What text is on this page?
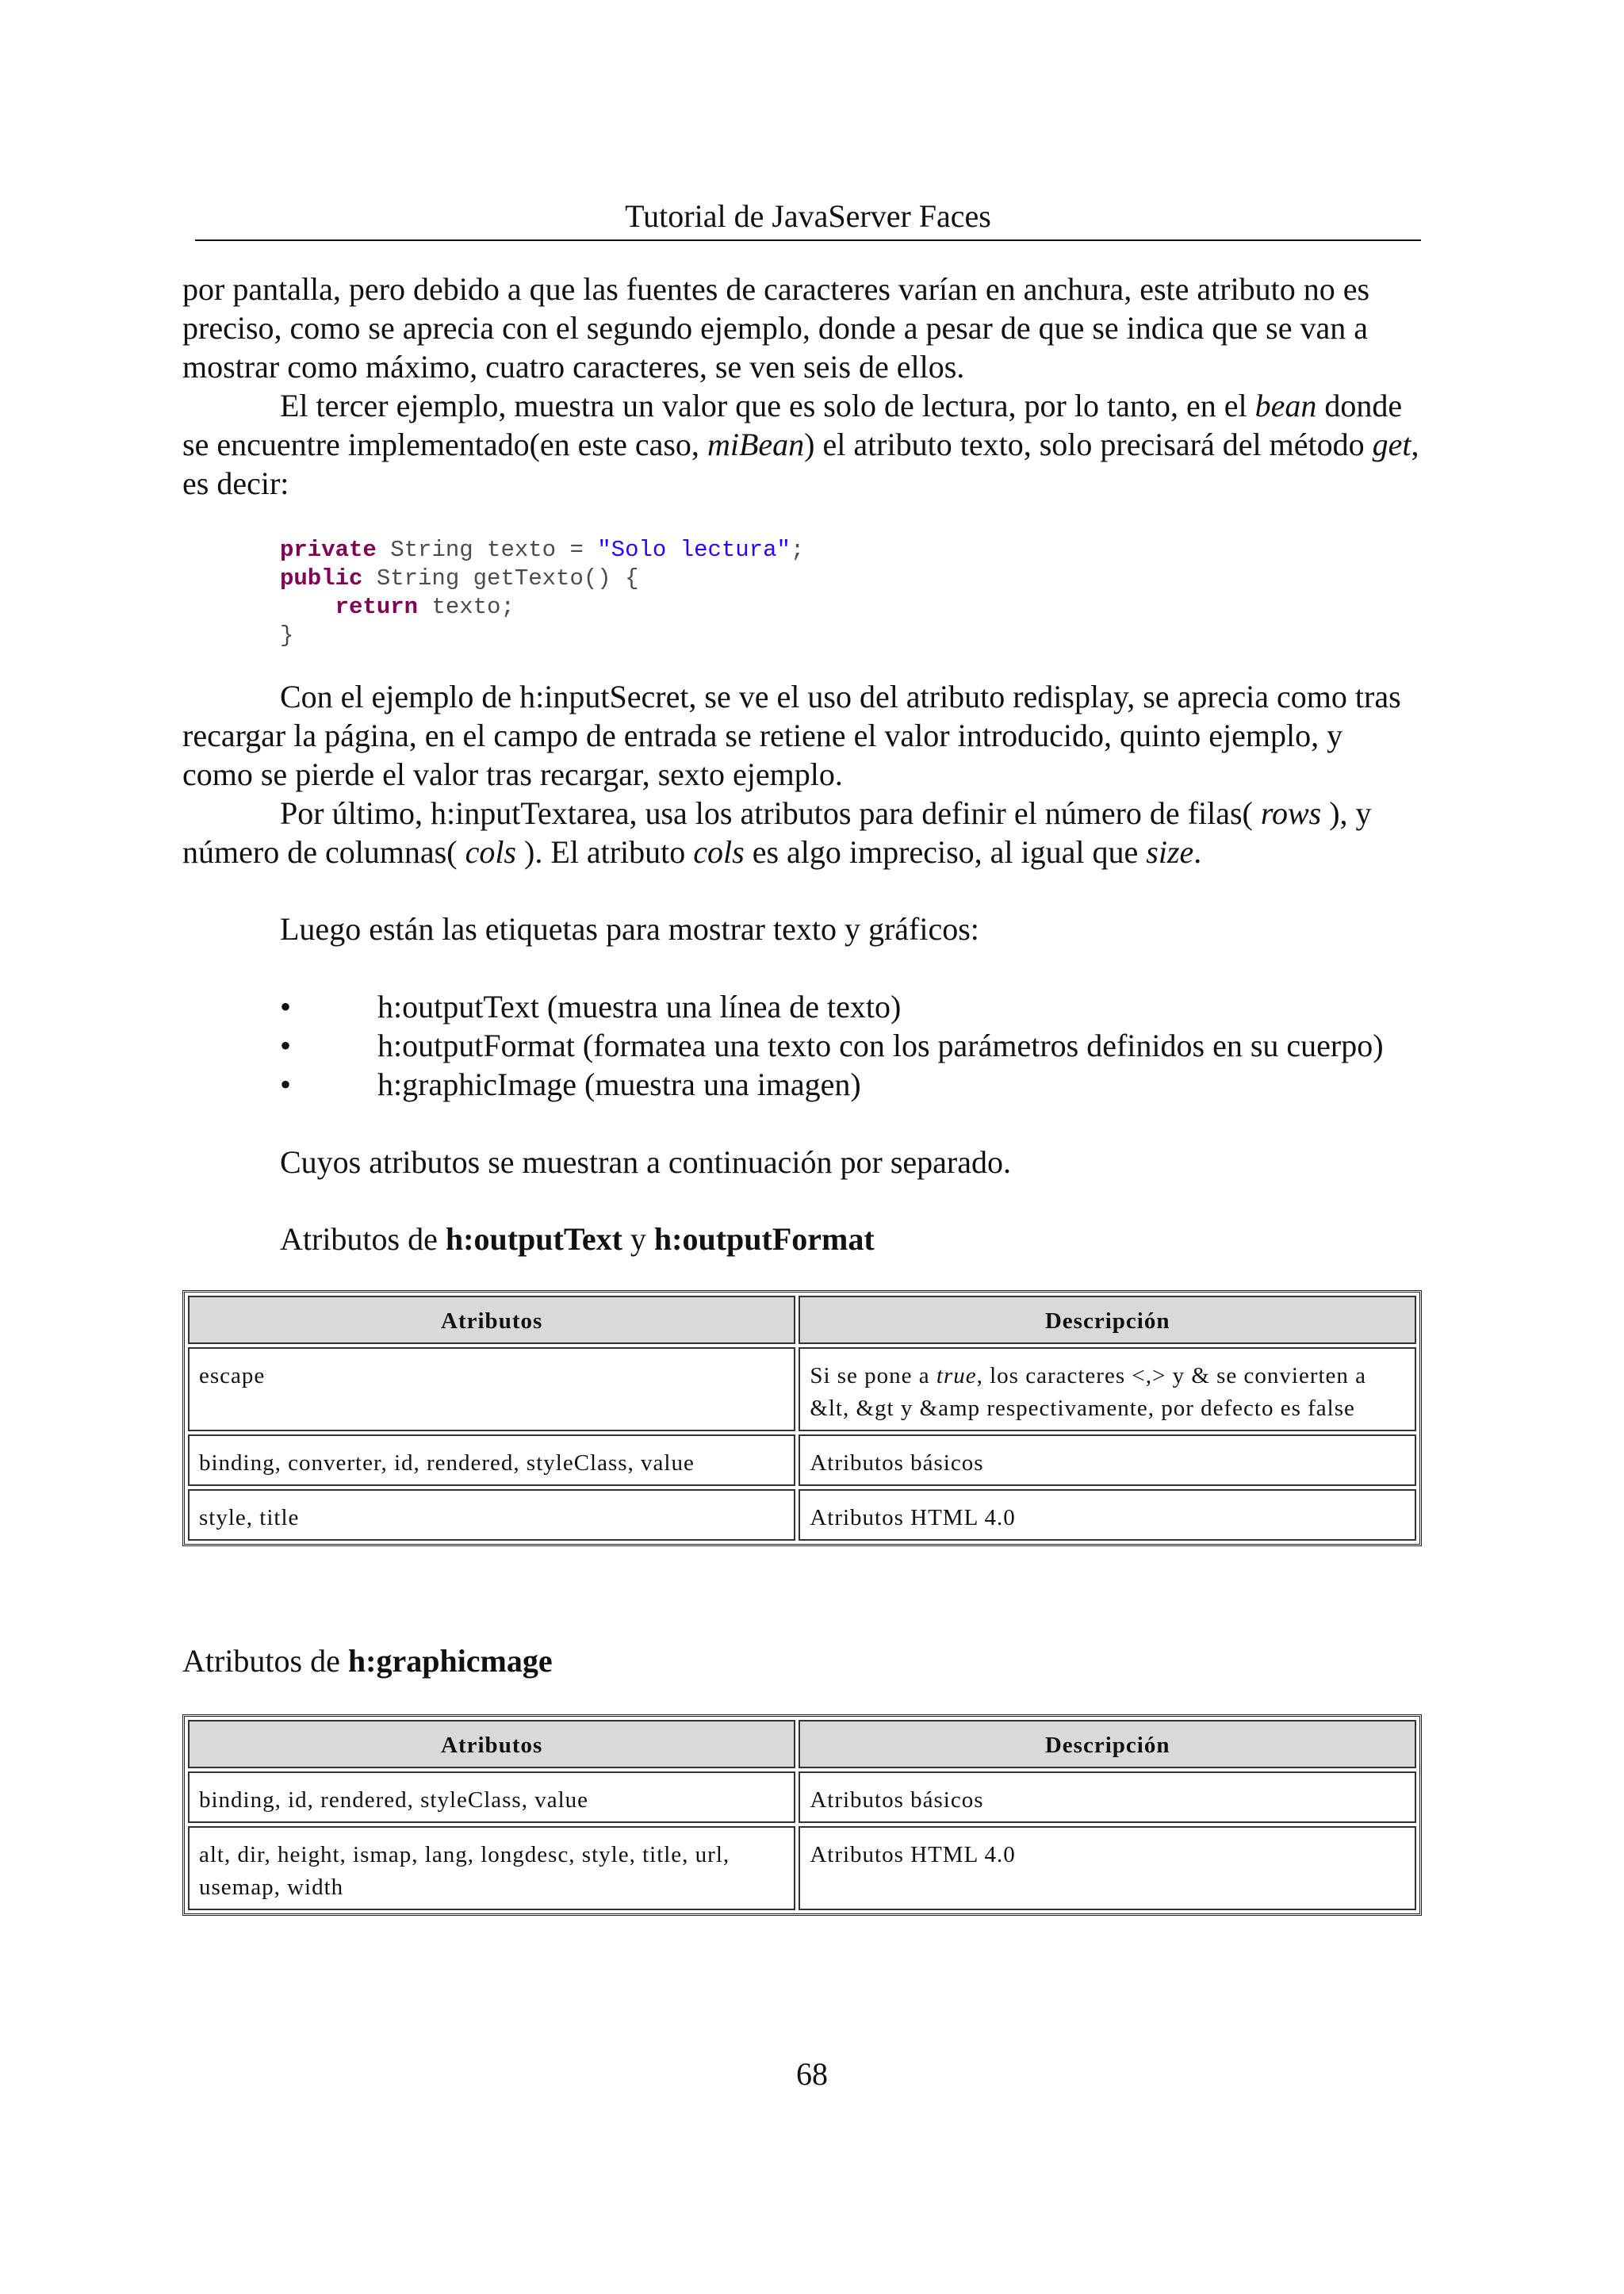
Tutorial de JavaServer Faces

por pantalla, pero debido a que las fuentes de caracteres varían en anchura, este atributo no es preciso, como se aprecia con el segundo ejemplo, donde a pesar de que se indica que se van a mostrar como máximo, cuatro caracteres, se ven seis de ellos.

El tercer ejemplo, muestra un valor que es solo de lectura, por lo tanto, en el bean donde se encuentre implementado(en este caso, miBean) el atributo texto, solo precisará del método get, es decir:

private String texto = "Solo lectura";
public String getTexto() {
return texto;
}

Con el ejemplo de h:inputSecret, se ve el uso del atributo redisplay, se aprecia como tras recargar la página, en el campo de entrada se retiene el valor introducido, quinto ejemplo, y como se pierde el valor tras recargar, sexto ejemplo.

Por último, h:inputTextarea, usa los atributos para definir el número de filas( rows ), y número de columnas( cols ). El atributo cols es algo impreciso, al igual que size.

Luego están las etiquetas para mostrar texto y gráficos:

•	h:outputText (muestra una línea de texto)
•	h:outputFormat (formatea una texto con los parámetros definidos en su cuerpo)
•	h:graphicImage (muestra una imagen)

Cuyos atributos se muestran a continuación por separado.

Atributos de h:outputText y h:outputFormat

Atributos	Descripción
escape	Si se pone a true, los caracteres <,> y & se convierten a &lt, &gt y &amp respectivamente, por defecto es false
binding, converter, id, rendered, styleClass, value	Atributos básicos
style, title	Atributos HTML 4.0

Atributos de h:graphicmage

Atributos	Descripción
binding, id, rendered, styleClass, value	Atributos básicos
alt, dir, height, ismap, lang, longdesc, style, title, url, usemap, width	Atributos HTML 4.0
68
